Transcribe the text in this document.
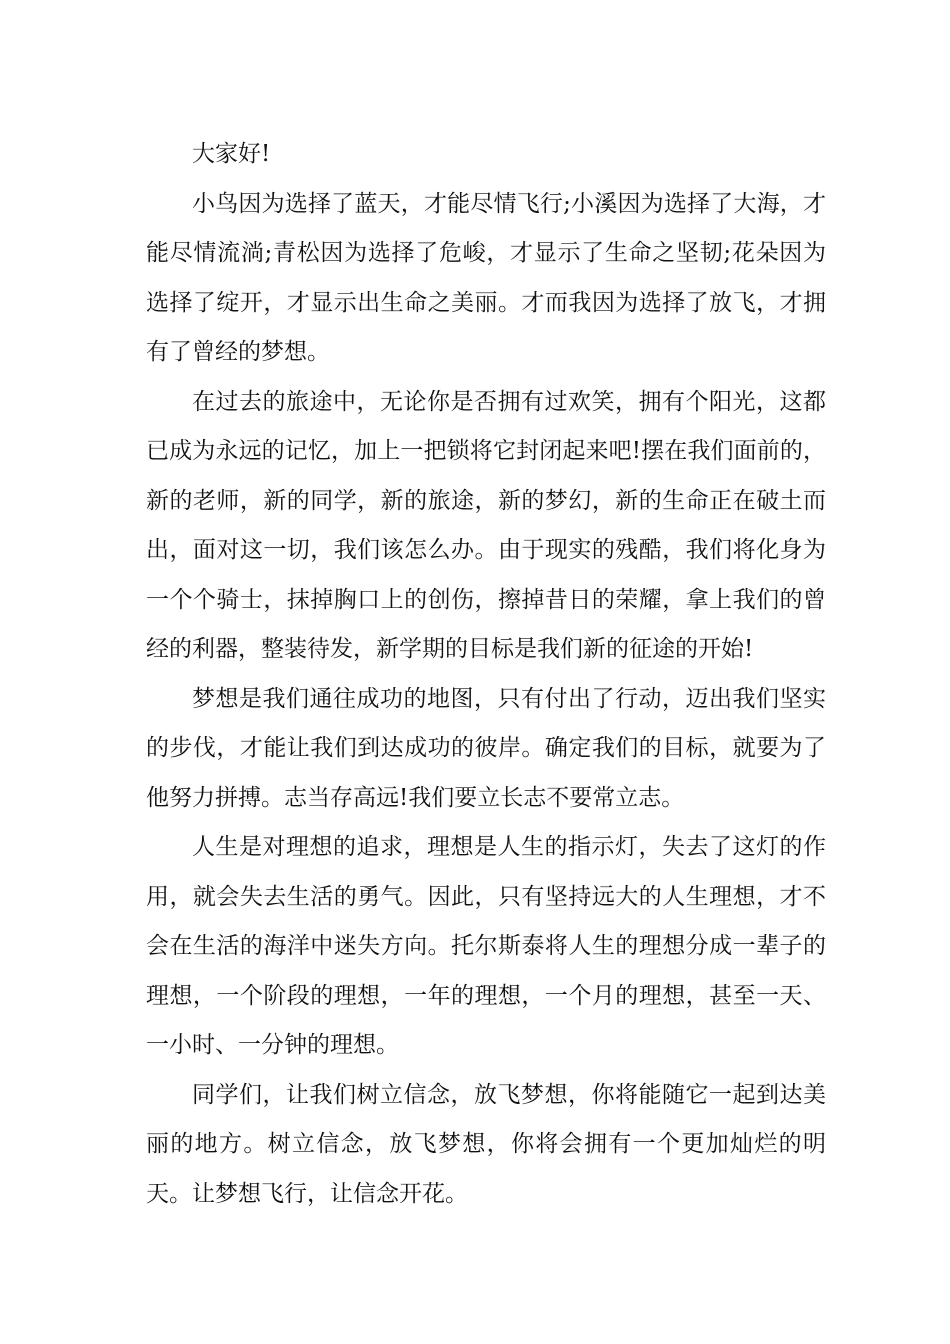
大家好!

小鸟因为选择了蓝天，才能尽情飞行;小溪因为选择了大海，才能尽情流淌;青松因为选择了危峻，才显示了生命之坚韧;花朵因为选择了绽开，才显示出生命之美丽。才而我因为选择了放飞，才拥有了曾经的梦想。

在过去的旅途中，无论你是否拥有过欢笑，拥有个阳光，这都已成为永远的记忆，加上一把锁将它封闭起来吧!摆在我们面前的，新的老师，新的同学，新的旅途，新的梦幻，新的生命正在破土而出，面对这一切，我们该怎么办。由于现实的残酷，我们将化身为一个个骑士，抹掉胸口上的创伤，擦掉昔日的荣耀，拿上我们的曾经的利器，整装待发，新学期的目标是我们新的征途的开始!

梦想是我们通往成功的地图，只有付出了行动，迈出我们坚实的步伐，才能让我们到达成功的彼岸。确定我们的目标，就要为了他努力拼搏。志当存高远!我们要立长志不要常立志。

人生是对理想的追求，理想是人生的指示灯，失去了这灯的作用，就会失去生活的勇气。因此，只有坚持远大的人生理想，才不会在生活的海洋中迷失方向。托尔斯泰将人生的理想分成一辈子的理想，一个阶段的理想，一年的理想，一个月的理想，甚至一天、一小时、一分钟的理想。

同学们，让我们树立信念，放飞梦想，你将能随它一起到达美丽的地方。树立信念，放飞梦想，你将会拥有一个更加灿烂的明天。让梦想飞行，让信念开花。
